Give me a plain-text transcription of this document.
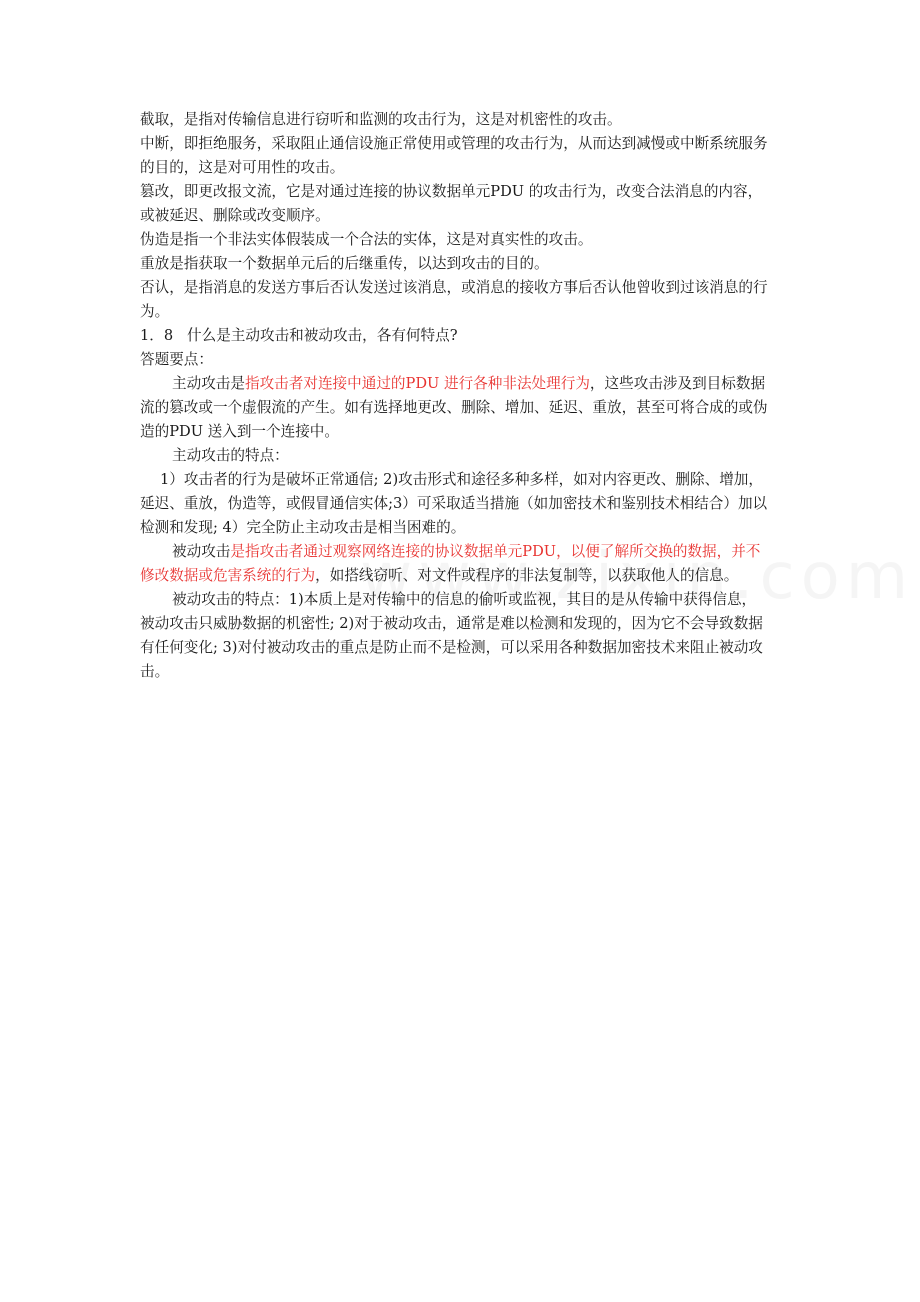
截取，是指对传输信息进行窃听和监测的攻击行为，这是对机密性的攻击。

中断，即拒绝服务，采取阻止通信设施正常使用或管理的攻击行为，从而达到减慢或中断系统服务的目的，这是对可用性的攻击。

篡改，即更改报文流，它是对通过连接的协议数据单元PDU 的攻击行为，改变合法消息的内容，或被延迟、删除或改变顺序。

伪造是指一个非法实体假装成一个合法的实体，这是对真实性的攻击。

重放是指获取一个数据单元后的后继重传，以达到攻击的目的。

否认，是指消息的发送方事后否认发送过该消息，或消息的接收方事后否认他曾收到过该消息的行为。

1．8 什么是主动攻击和被动攻击，各有何特点?

答题要点：

主动攻击是指攻击者对连接中通过的PDU 进行各种非法处理行为，这些攻击涉及到目标数据流的篡改或一个虚假流的产生。如有选择地更改、删除、增加、延迟、重放，甚至可将合成的或伪造的PDU 送入到一个连接中。

主动攻击的特点：

1）攻击者的行为是破坏正常通信; 2)攻击形式和途径多种多样，如对内容更改、删除、增加，延迟、重放，伪造等，或假冒通信实体;3）可采取适当措施（如加密技术和鉴别技术相结合）加以检测和发现; 4）完全防止主动攻击是相当困难的。

被动攻击是指攻击者通过观察网络连接的协议数据单元PDU，以便了解所交换的数据，并不修改数据或危害系统的行为，如搭线窃听、对文件或程序的非法复制等，以获取他人的信息。

被动攻击的特点：1)本质上是对传输中的信息的偷听或监视，其目的是从传输中获得信息，被动攻击只威胁数据的机密性; 2)对于被动攻击，通常是难以检测和发现的，因为它不会导致数据有任何变化; 3)对付被动攻击的重点是防止而不是检测，可以采用各种数据加密技术来阻止被动攻击。
